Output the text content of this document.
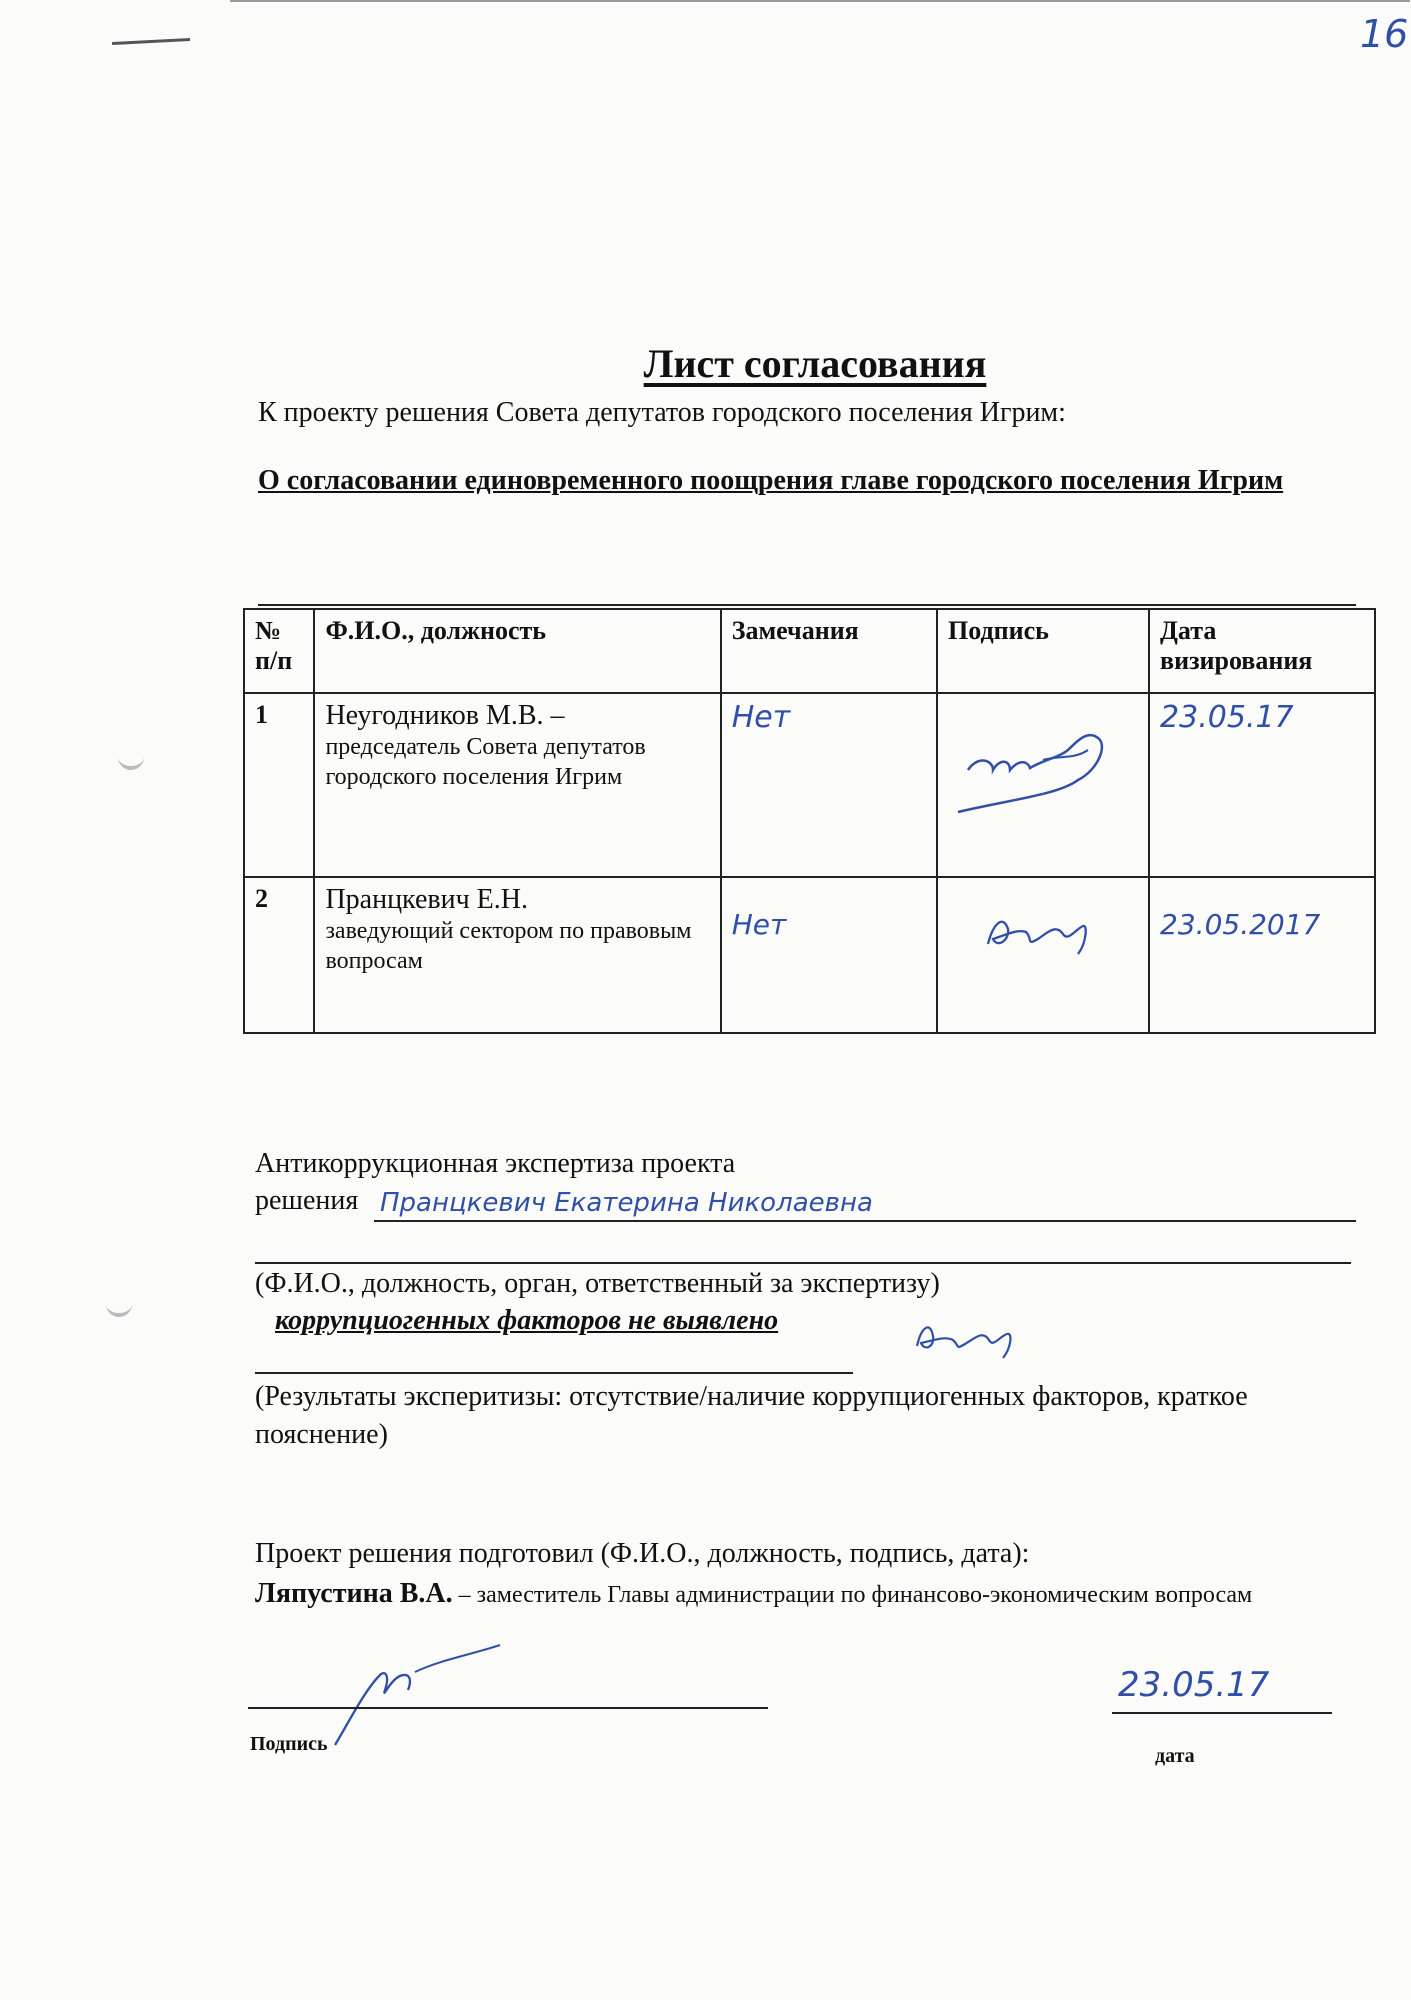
16
Лист согласования
К проекту решения Совета депутатов городского поселения Игрим:
О согласовании единовременного поощрения главе городского поселения Игрим
№ п/п	Ф.И.О., должность	Замечания	Подпись	Дата визирования
1	Неугодников М.В. –
председатель Совета депутатов городского поселения Игрим	Нет		23.05.17
2	Пранцкевич Е.Н.
заведующий сектором по правовым вопросам	Нет		23.05.2017
Антикоррукционная экспертиза проекта
решения Пранцкевич Екатерина Николаевна
(Ф.И.О., должность, орган, ответственный за экспертизу)
коррупциогенных факторов не выявлено
(Результаты эксперитизы: отсутствие/наличие коррупциогенных факторов, краткое пояснение)
Проект решения подготовил (Ф.И.О., должность, подпись, дата):
Ляпустина В.А. – заместитель Главы администрации по финансово-экономическим вопросам
Подпись
23.05.17
дата
